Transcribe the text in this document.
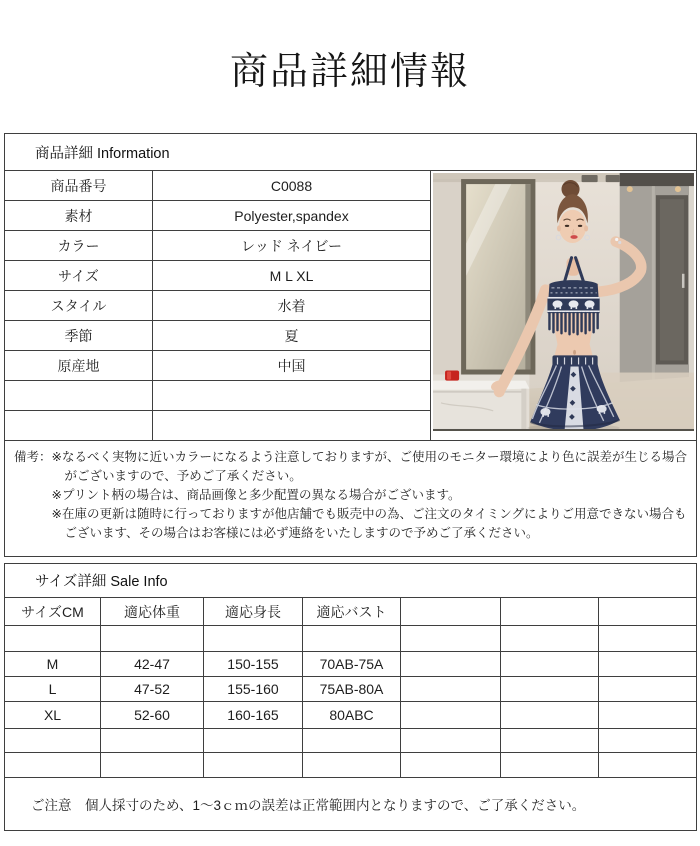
商品詳細情報
商品詳細 Information		
商品番号	C0088	

素材	Polyester,spandex	
カラー	レッド ネイビー	
サイズ	M L XL	
スタイル	水着	
季節	夏	
原産地	中国	

備考： ※なるべく実物に近いカラーになるよう注意しておりますが、ご使用のモニター環境により色に誤差が生じる場合がございますので、予めご了承ください。

※プリント柄の場合は、商品画像と多少配置の異なる場合がございます。

※在庫の更新は随時に行っておりますが他店舗でも販売中の為、ご注文のタイミングによりご用意できない場合もございます、その場合はお客様には必ず連絡をいたしますので予めご了承ください。		

サイズ詳細 Sale Info						
サイズCM	適応体重	適応身長	適応バスト			

M	42-47	150-155	70AB-75A			
L	47-52	155-160	75AB-80A			
XL	52-60	160-165	80ABC			

ご注意　個人採寸のため、1～3ｃｍの誤差は正常範囲内となりますので、ご了承ください。						
